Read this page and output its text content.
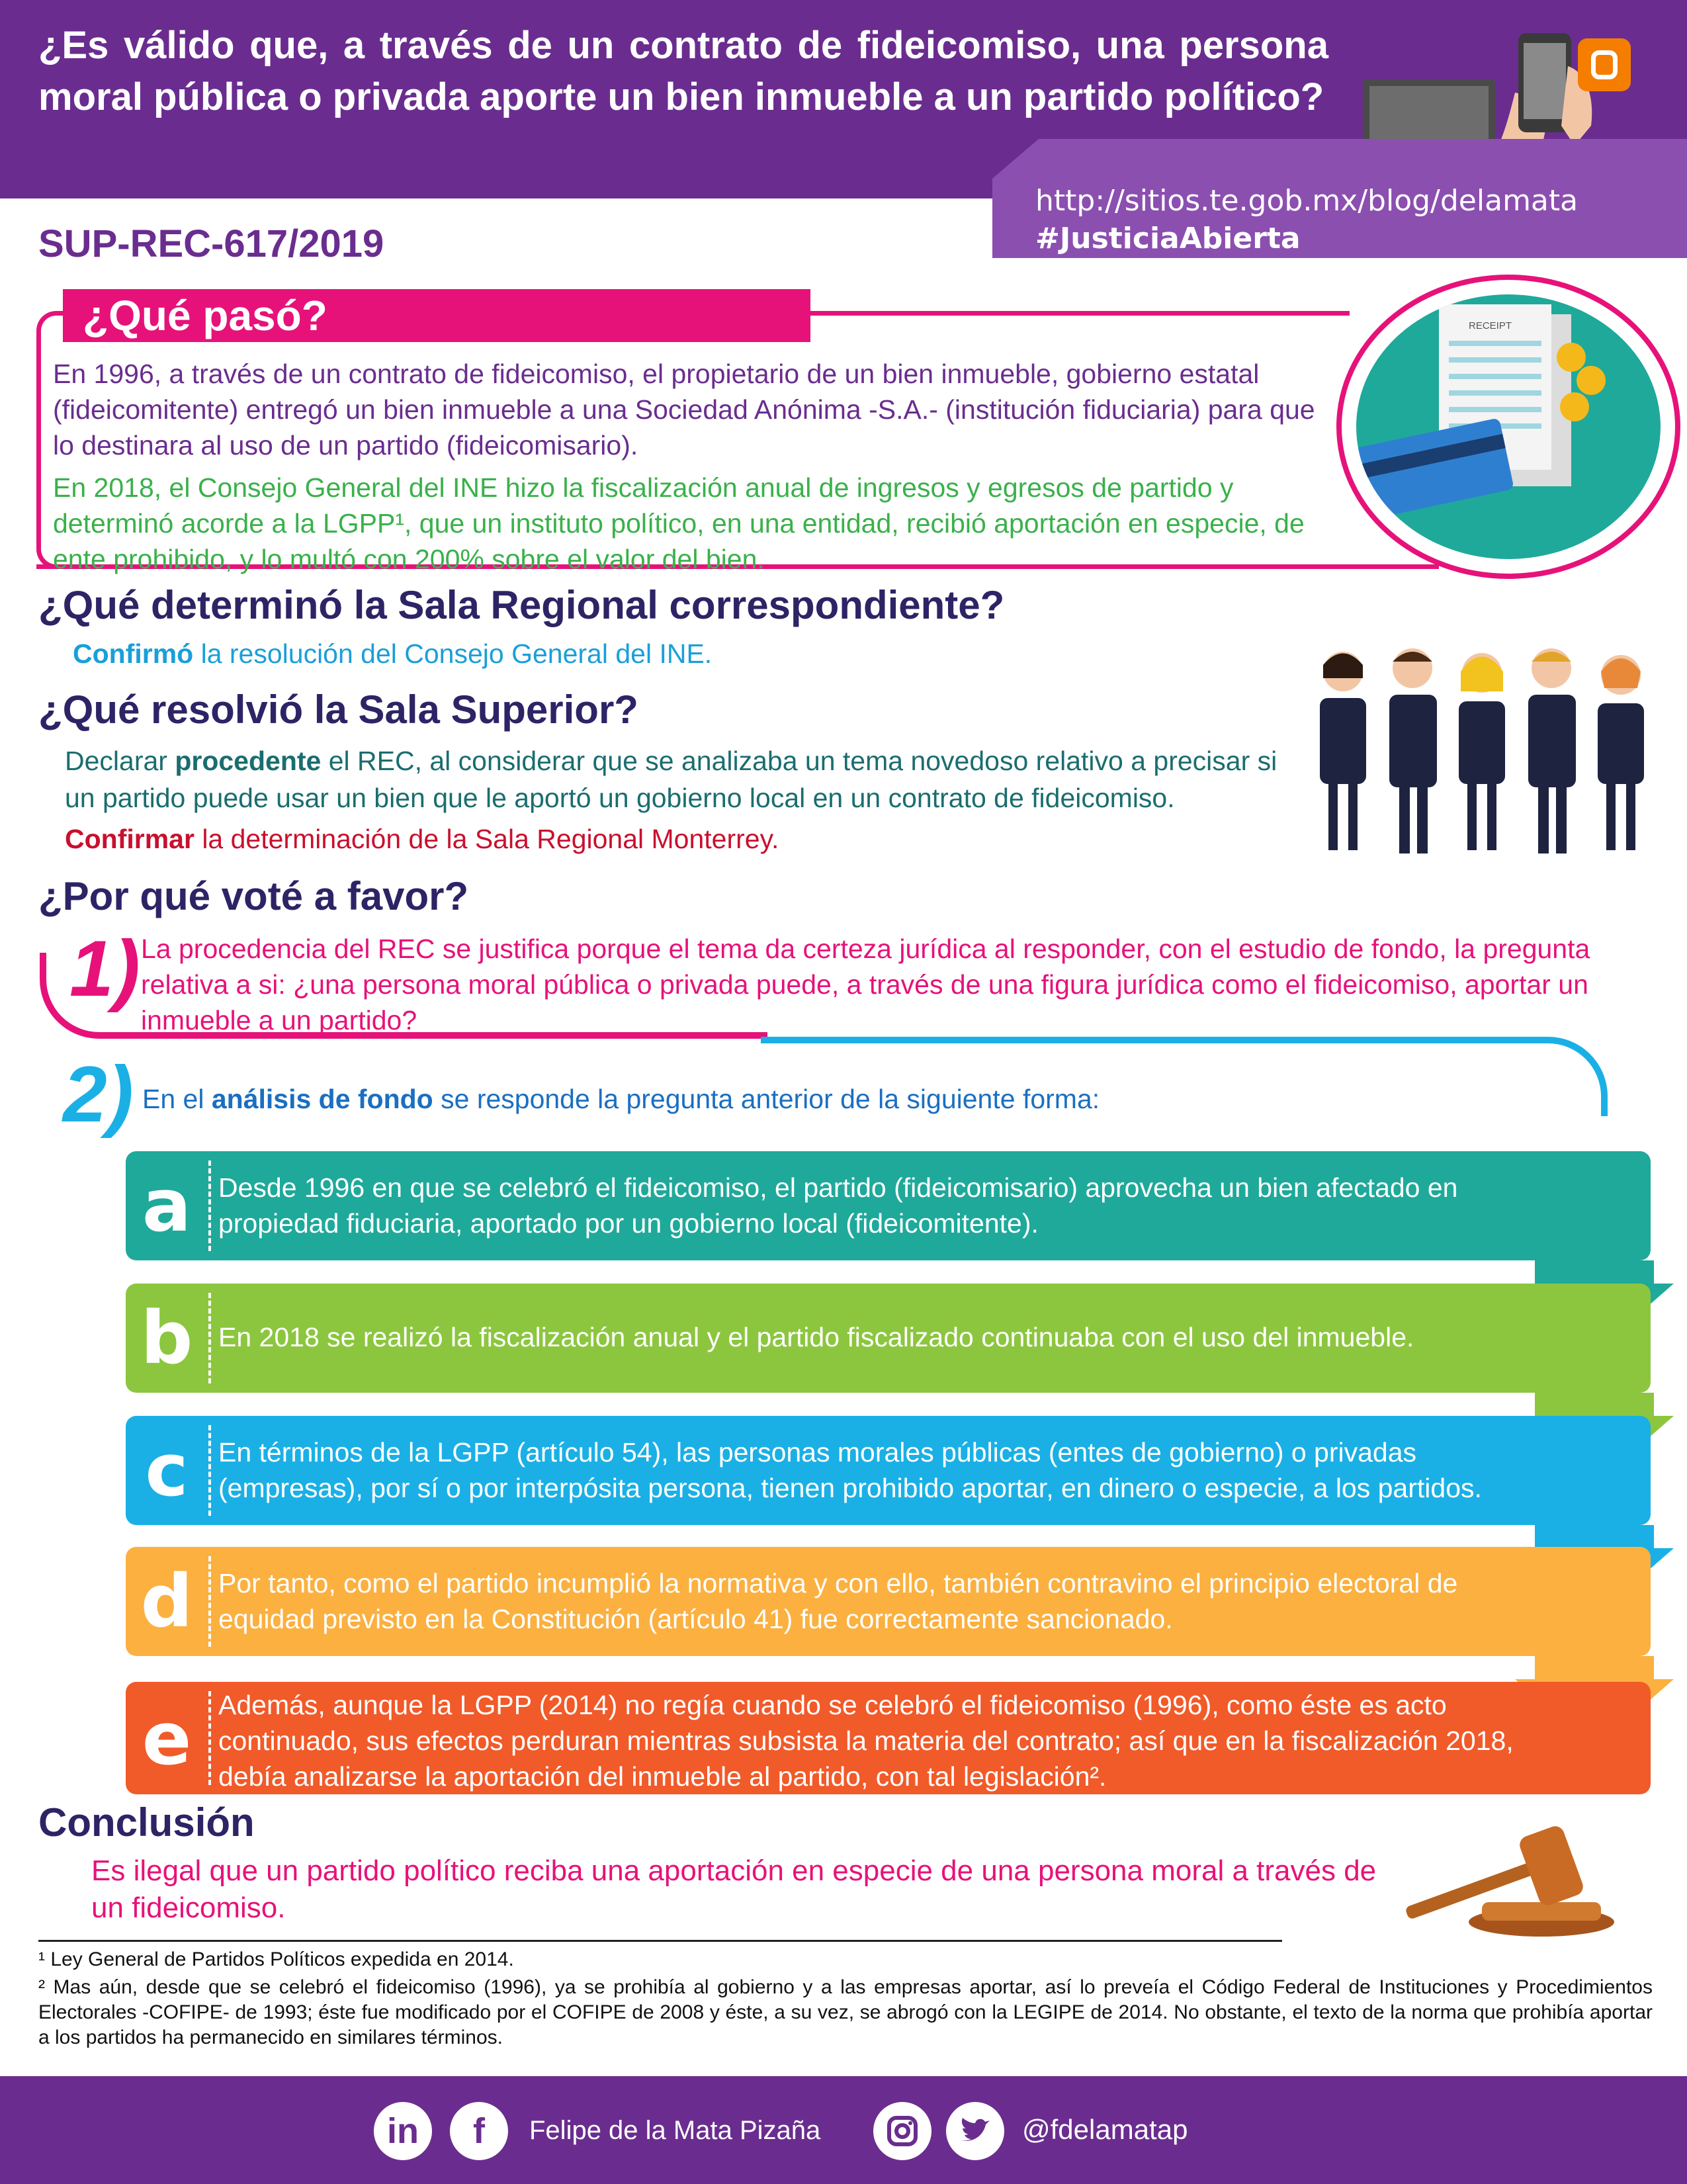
¿Es válido que, a través de un contrato de fideicomiso, una persona moral pública o privada aporte un bien inmueble a un partido político?
http://sitios.te.gob.mx/blog/delamata
#JusticiaAbierta
SUP-REC-617/2019
¿Qué pasó?
En 1996, a través de un contrato de fideicomiso, el propietario de un bien inmueble, gobierno estatal (fideicomitente) entregó un bien inmueble a una Sociedad Anónima -S.A.- (institución fiduciaria) para que lo destinara al uso de un partido (fideicomisario).
En 2018, el Consejo General del INE hizo la fiscalización anual de ingresos y egresos de partido y determinó acorde a la LGPP¹, que un instituto político, en una entidad, recibió aportación en especie, de ente prohibido, y lo multó con 200% sobre el valor del bien.
RECEIPT
¿Qué determinó la Sala Regional correspondiente?
Confirmó la resolución del Consejo General del INE.
¿Qué resolvió la Sala Superior?
Declarar procedente el REC, al considerar que se analizaba un tema novedoso relativo a precisar si un partido puede usar un bien que le aportó un gobierno local en un contrato de fideicomiso.
Confirmar la determinación de la Sala Regional Monterrey.
¿Por qué voté a favor?
1) La procedencia del REC se justifica porque el tema da certeza jurídica al responder, con el estudio de fondo, la pregunta relativa a si: ¿una persona moral pública o privada puede, a través de una figura jurídica como el fideicomiso, aportar un inmueble a un partido?
2) En el análisis de fondo se responde la pregunta anterior de la siguiente forma:
a Desde 1996 en que se celebró el fideicomiso, el partido (fideicomisario) aprovecha un bien afectado en propiedad fiduciaria, aportado por un gobierno local (fideicomitente).
b En 2018 se realizó la fiscalización anual y el partido fiscalizado continuaba con el uso del inmueble.
c	En términos de la LGPP (artículo 54), las personas morales públicas (entes de gobierno) o privadas (empresas), por sí o por interpósita persona, tienen prohibido aportar, en dinero o especie, a los partidos.
d Por tanto, como el partido incumplió la normativa y con ello, también contravino el principio electoral de equidad previsto en la Constitución (artículo 41) fue correctamente sancionado.
e Además, aunque la LGPP (2014) no regía cuando se celebró el fideicomiso (1996), como éste es acto continuado, sus efectos perduran mientras subsista la materia del contrato; así que en la fiscalización 2018, debía analizarse la aportación del inmueble al partido, con tal legislación².
Conclusión
Es ilegal que un partido político reciba una aportación en especie de una persona moral a través de un fideicomiso.
¹ Ley General de Partidos Políticos expedida en 2014.
² Mas aún, desde que se celebró el fideicomiso (1996), ya se prohibía al gobierno y a las empresas aportar, así lo preveía el Código Federal de Instituciones y Procedimientos Electorales -COFIPE- de 1993; éste fue modificado por el COFIPE de 2008 y éste, a su vez, se abrogó con la LEGIPE de 2014. No obstante, el texto de la norma que prohibía aportar a los partidos ha permanecido en similares términos.
in	f	Felipe de la Mata Pizaña	@fdelamatap
